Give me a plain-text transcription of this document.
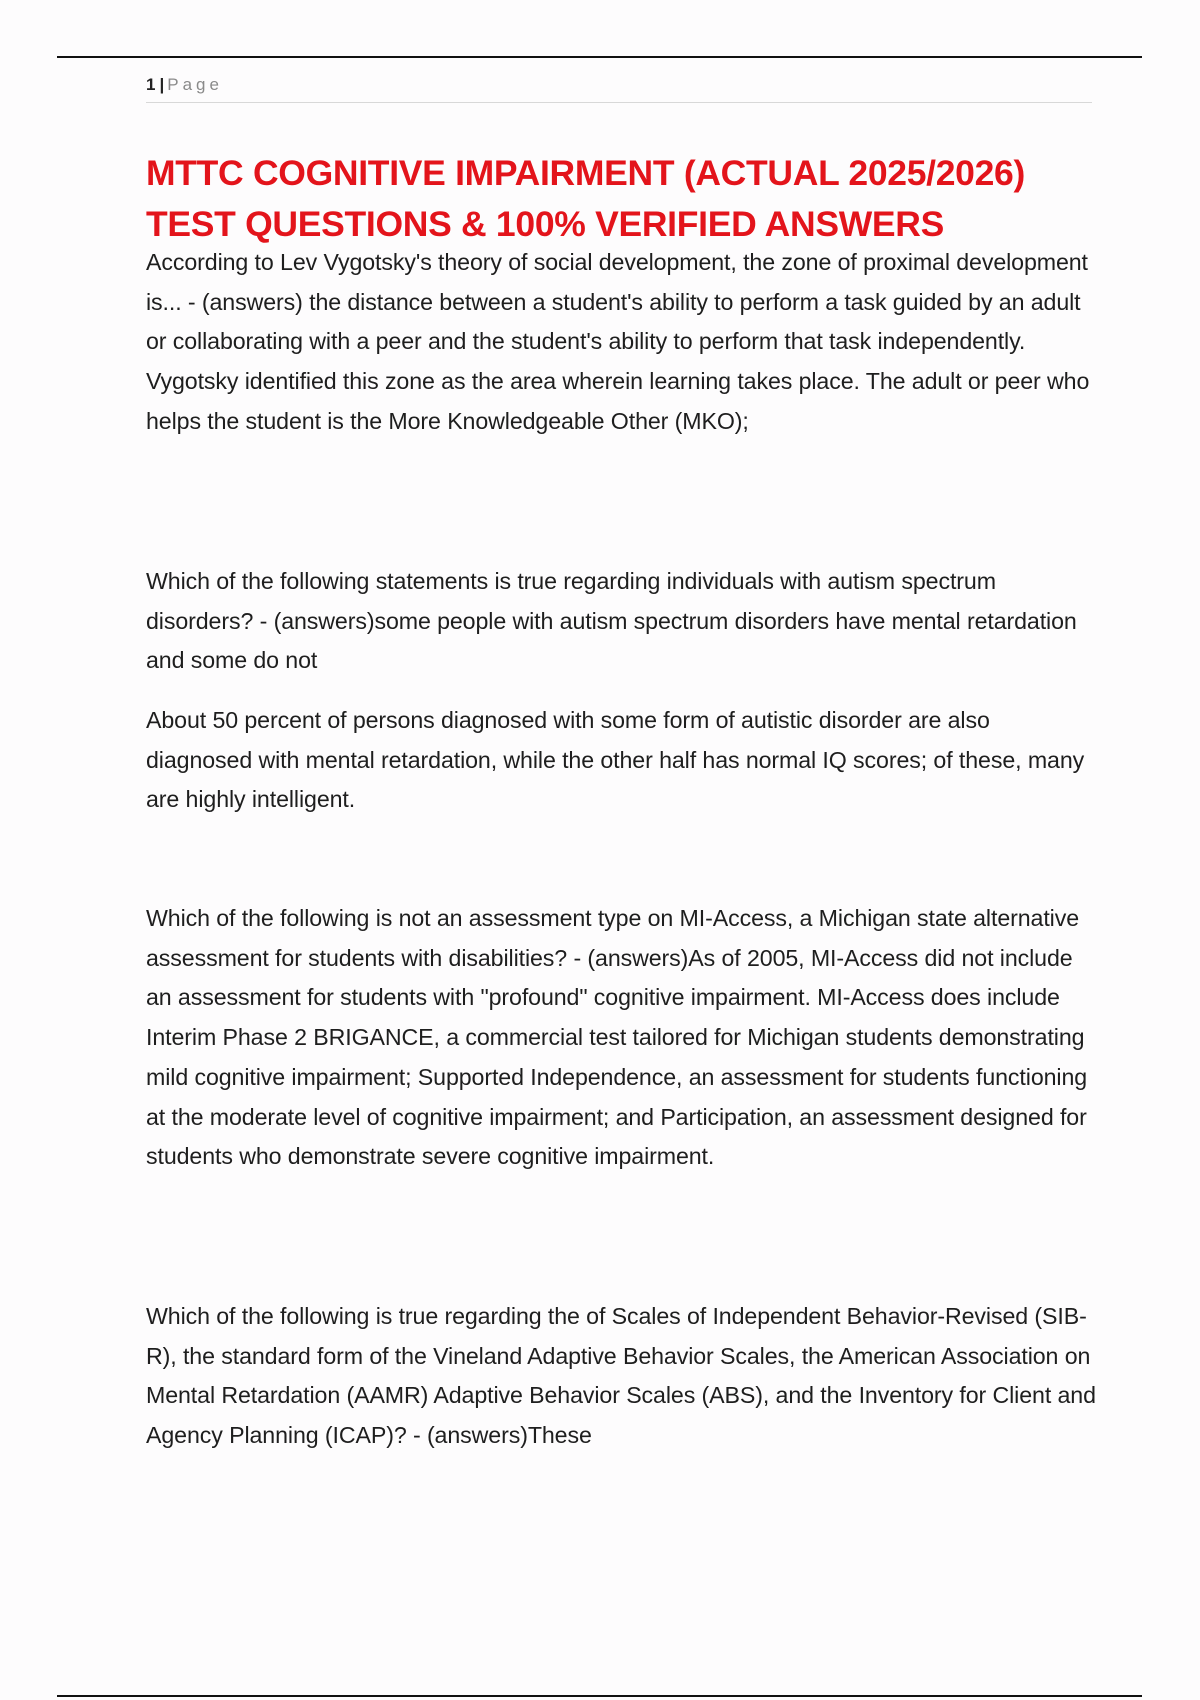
1 | Page
MTTC COGNITIVE IMPAIRMENT (ACTUAL 2025/2026) TEST QUESTIONS & 100% VERIFIED ANSWERS

According to Lev Vygotsky's theory of social development, the zone of proximal development is... - (answers) the distance between a student's ability to perform a task guided by an adult or collaborating with a peer and the student's ability to perform that task independently. Vygotsky identified this zone as the area wherein learning takes place. The adult or peer who helps the student is the More Knowledgeable Other (MKO);

Which of the following statements is true regarding individuals with autism spectrum disorders? - (answers)some people with autism spectrum disorders have mental retardation and some do not

About 50 percent of persons diagnosed with some form of autistic disorder are also diagnosed with mental retardation, while the other half has normal IQ scores; of these, many are highly intelligent.

Which of the following is not an assessment type on MI-Access, a Michigan state alternative assessment for students with disabilities? - (answers)As of 2005, MI-Access did not include an assessment for students with "profound" cognitive impairment. MI-Access does include Interim Phase 2 BRIGANCE, a commercial test tailored for Michigan students demonstrating mild cognitive impairment; Supported Independence, an assessment for students functioning at the moderate level of cognitive impairment; and Participation, an assessment designed for students who demonstrate severe cognitive impairment.

Which of the following is true regarding the of Scales of Independent Behavior-Revised (SIB-R), the standard form of the Vineland Adaptive Behavior Scales, the American Association on Mental Retardation (AAMR) Adaptive Behavior Scales (ABS), and the Inventory for Client and Agency Planning (ICAP)? - (answers)These
